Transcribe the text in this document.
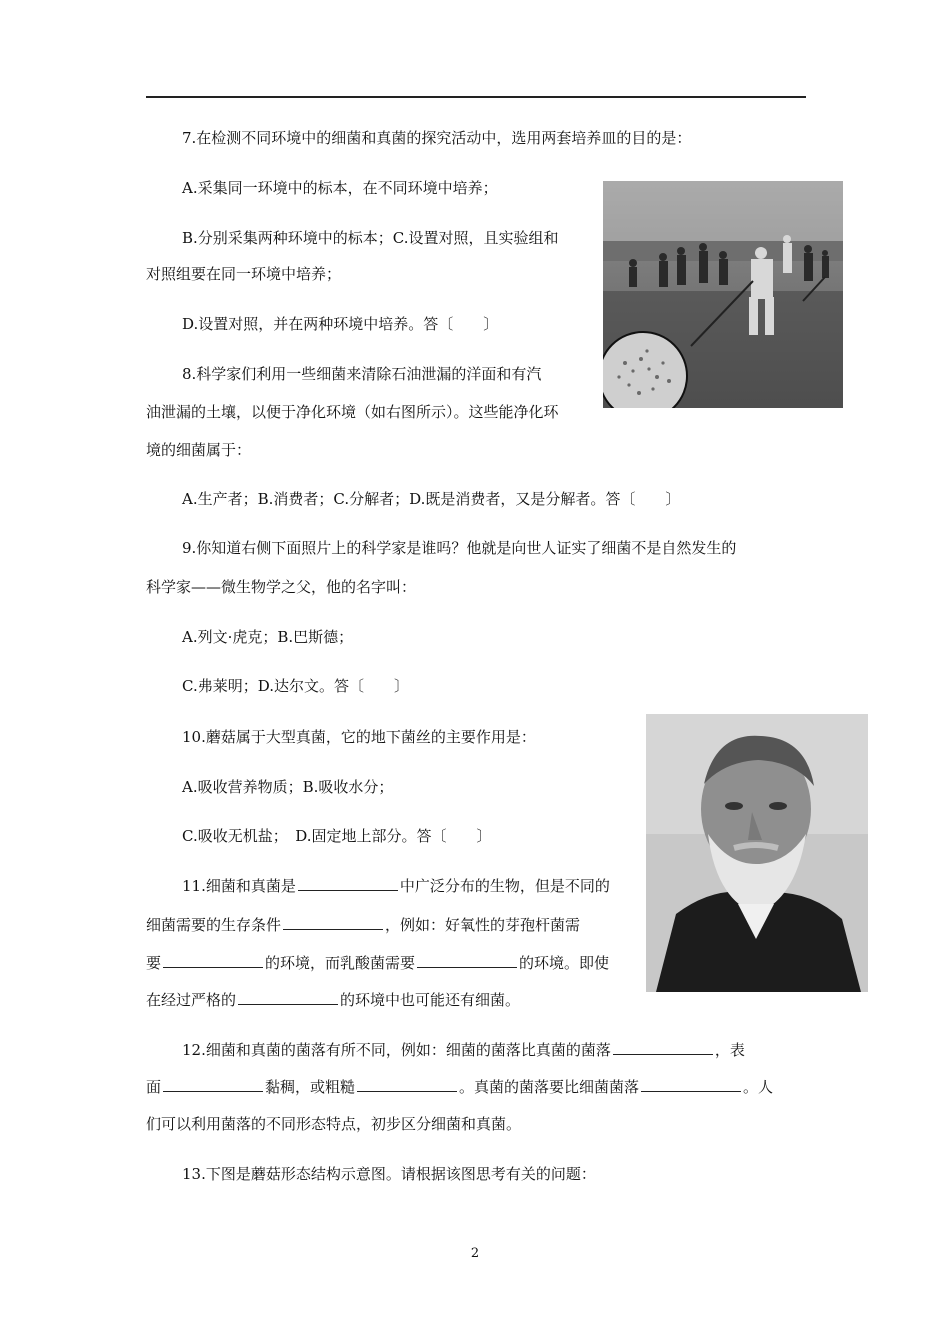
7.在检测不同环境中的细菌和真菌的探究活动中，选用两套培养皿的目的是：
A.采集同一环境中的标本，在不同环境中培养；
B.分别采集两种环境中的标本；C.设置对照，且实验组和
对照组要在同一环境中培养；
D.设置对照，并在两种环境中培养。答〔　　〕
8.科学家们利用一些细菌来清除石油泄漏的洋面和有汽
油泄漏的土壤，以便于净化环境（如右图所示）。这些能净化环
境的细菌属于：
A.生产者；B.消费者；C.分解者；D.既是消费者，又是分解者。答〔　　〕
9.你知道右侧下面照片上的科学家是谁吗？他就是向世人证实了细菌不是自然发生的
科学家——微生物学之父，他的名字叫：
A.列文·虎克；B.巴斯德；
C.弗莱明；D.达尔文。答〔　　〕
10.蘑菇属于大型真菌，它的地下菌丝的主要作用是：
A.吸收营养物质；B.吸收水分；
C.吸收无机盐；　D.固定地上部分。答〔　　〕
11.细菌和真菌是	中广泛分布的生物，但是不同的
细菌需要的生存条件	，例如：好氧性的芽孢杆菌需
要	的环境，而乳酸菌需要	的环境。即使
在经过严格的	的环境中也可能还有细菌。
12.细菌和真菌的菌落有所不同，例如：细菌的菌落比真菌的菌落	，表
面	黏稠，或粗糙	。真菌的菌落要比细菌菌落	。人
们可以利用菌落的不同形态特点，初步区分细菌和真菌。
13.下图是蘑菇形态结构示意图。请根据该图思考有关的问题：
2
